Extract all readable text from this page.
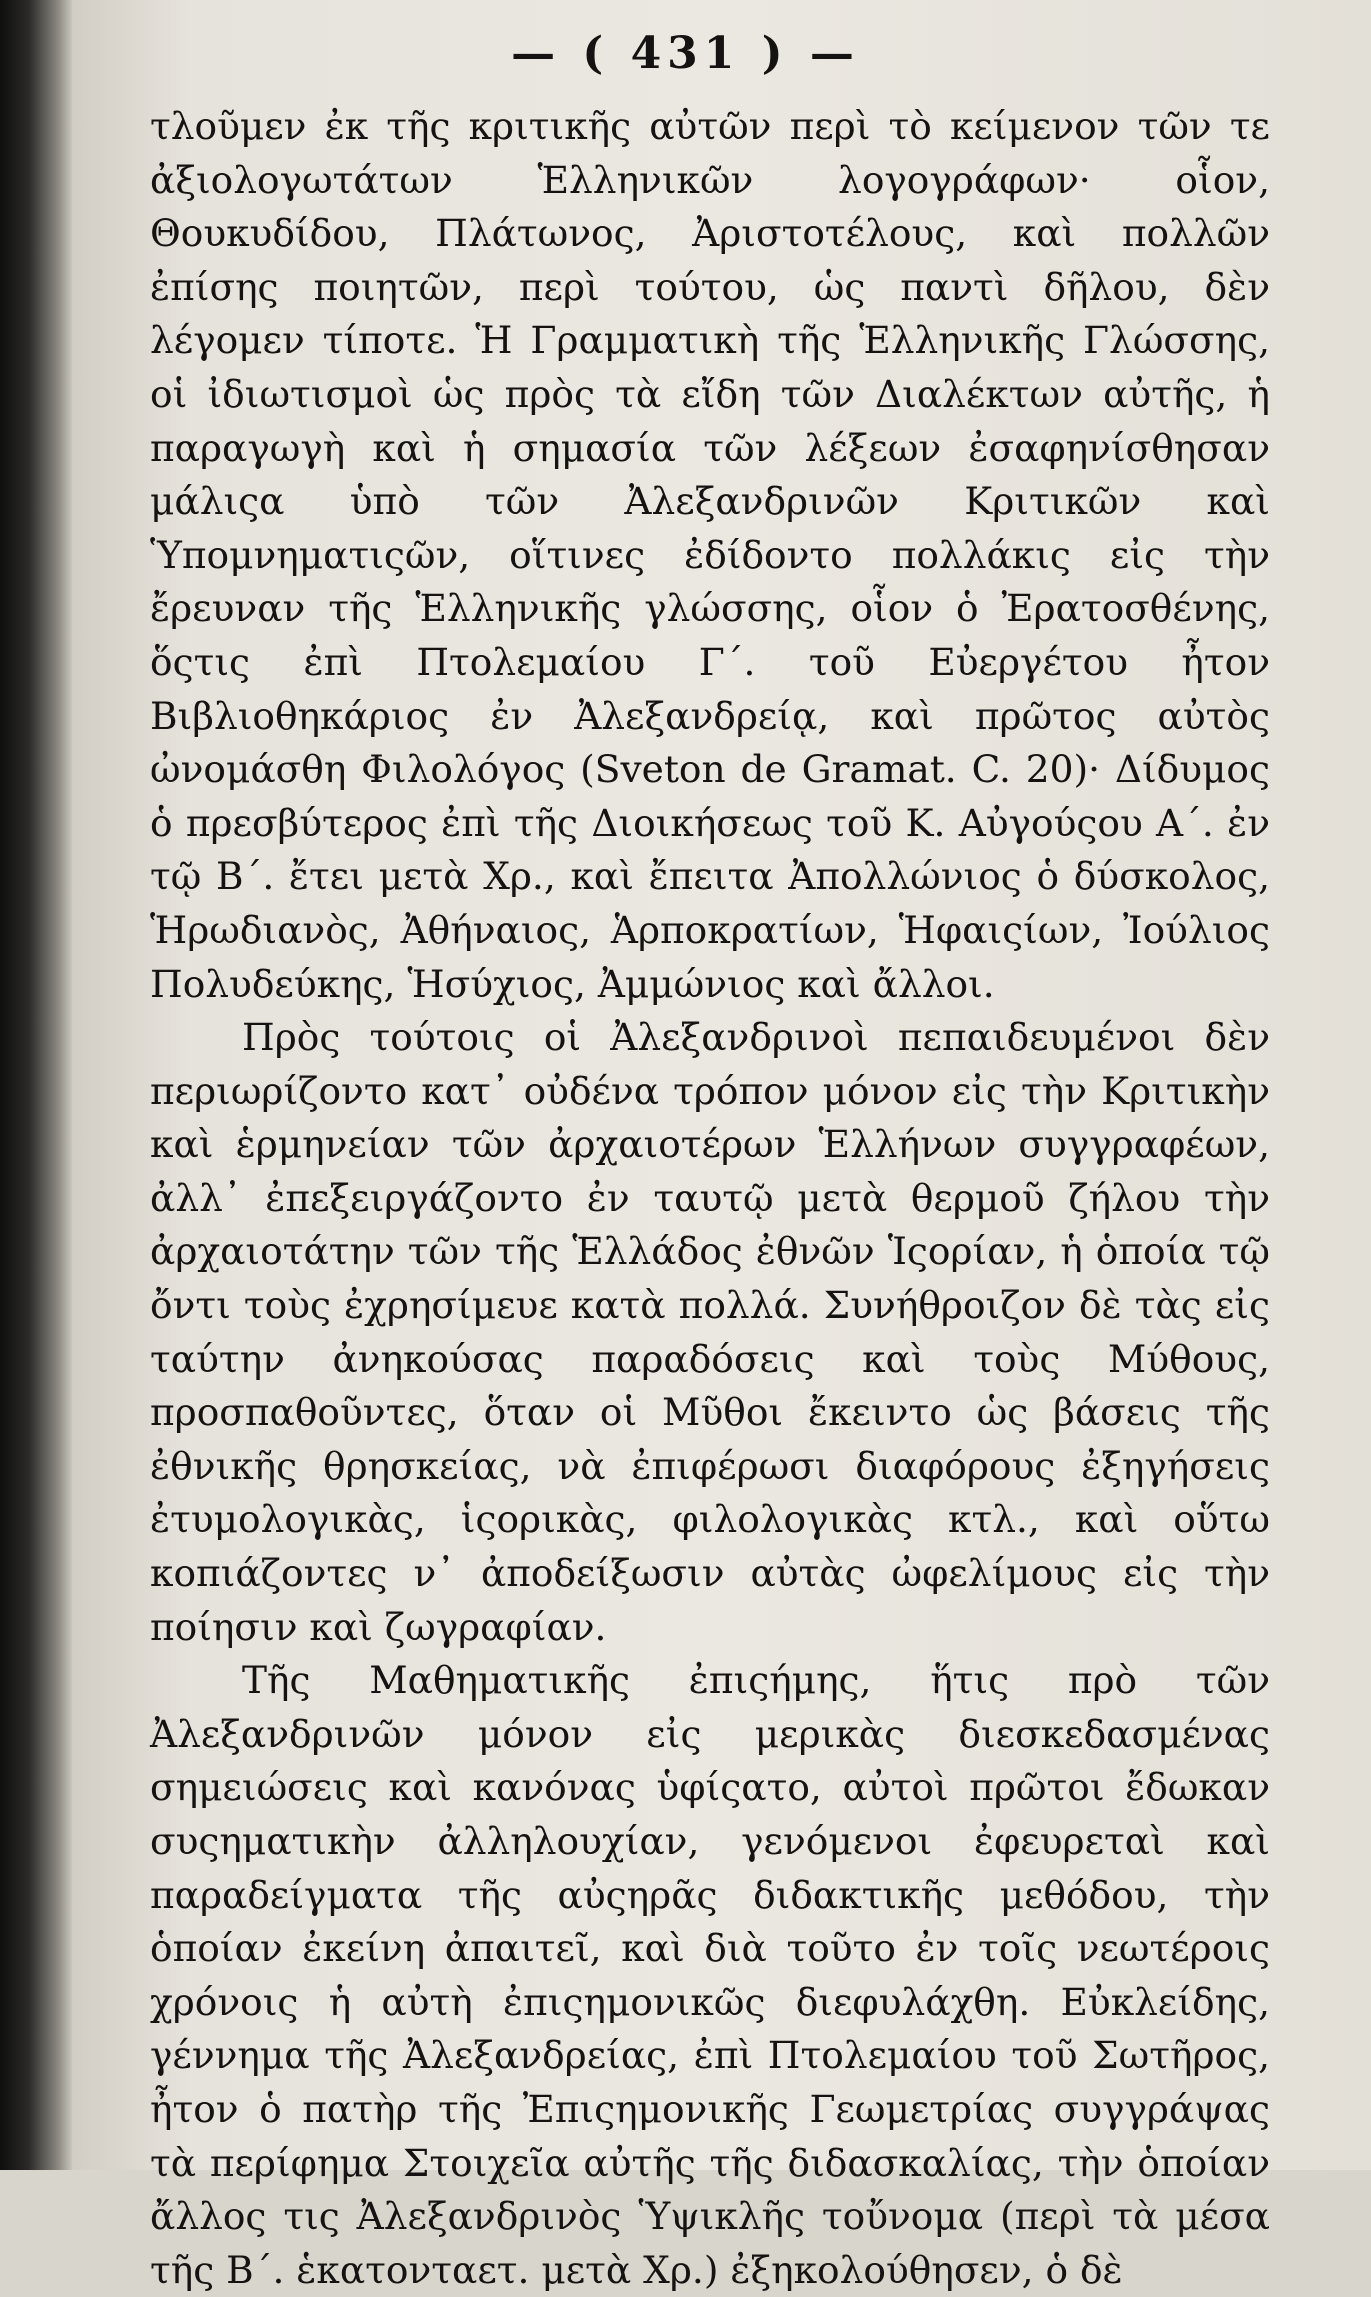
— ( 431 ) —

τλοῦμεν ἐκ τῆς κριτικῆς αὐτῶν περὶ τὸ κείμενον τῶν τε ἀξιολογωτάτων Ἑλληνικῶν λογογράφων· οἷον, Θουκυδίδου, Πλάτωνος, Ἀριστοτέλους, καὶ πολλῶν ἐπίσης ποιητῶν, περὶ τούτου, ὡς παντὶ δῆλου, δὲν λέγομεν τίποτε. Ἡ Γραμματικὴ τῆς Ἑλληνικῆς Γλώσσης, οἱ ἰδιωτισμοὶ ὡς πρὸς τὰ εἴδη τῶν Διαλέκτων αὐτῆς, ἡ παραγωγὴ καὶ ἡ σημασία τῶν λέξεων ἐσαφηνίσθησαν μάλιςα ὑπὸ τῶν Ἀλεξανδρινῶν Κριτικῶν καὶ Ὑπομνηματιςῶν, οἵτινες ἐδίδοντο πολλάκις εἰς τὴν ἔρευναν τῆς Ἑλληνικῆς γλώσσης, οἷον ὁ Ἐρατοσθένης, ὅςτις ἐπὶ Πτολεμαίου Γ΄. τοῦ Εὐεργέτου ἦτον Βιβλιοθηκάριος ἐν Ἀλεξανδρείᾳ, καὶ πρῶτος αὐτὸς ὠνομάσθη Φιλολόγος (Sveton de Gramat. C. 20)· Δίδυμος ὁ πρεσβύτερος ἐπὶ τῆς Διοικήσεως τοῦ Κ. Αὐγούςου Α΄. ἐν τῷ Β΄. ἔτει μετὰ Χρ., καὶ ἔπειτα Ἀπολλώνιος ὁ δύσκολος, Ἡρωδιανὸς, Ἀθήναιος, Ἁρποκρατίων, Ἡφαιςίων, Ἰούλιος Πολυδεύκης, Ἡσύχιος, Ἀμμώνιος καὶ ἄλλοι.

Πρὸς τούτοις οἱ Ἀλεξανδρινοὶ πεπαιδευμένοι δὲν περιωρίζοντο κατ᾽ οὐδένα τρόπον μόνον εἰς τὴν Κριτικὴν καὶ ἑρμηνείαν τῶν ἀρχαιοτέρων Ἑλλήνων συγγραφέων, ἀλλ᾽ ἐπεξειργάζοντο ἐν ταυτῷ μετὰ θερμοῦ ζήλου τὴν ἀρχαιοτάτην τῶν τῆς Ἑλλάδος ἐθνῶν Ἱςορίαν, ἡ ὁποία τῷ ὄντι τοὺς ἐχρησίμευε κατὰ πολλά. Συνήθροιζον δὲ τὰς εἰς ταύτην ἀνηκούσας παραδόσεις καὶ τοὺς Μύθους, προσπαθοῦντες, ὅταν οἱ Μῦθοι ἔκειντο ὡς βάσεις τῆς ἐθνικῆς θρησκείας, νὰ ἐπιφέρωσι διαφόρους ἐξηγήσεις ἐτυμολογικὰς, ἱςορικὰς, φιλολογικὰς κτλ., καὶ οὕτω κοπιάζοντες ν᾽ ἀποδείξωσιν αὐτὰς ὠφελίμους εἰς τὴν ποίησιν καὶ ζωγραφίαν.

Τῆς Μαθηματικῆς ἐπιςήμης, ἥτις πρὸ τῶν Ἀλεξανδρινῶν μόνον εἰς μερικὰς διεσκεδασμένας σημειώσεις καὶ κανόνας ὑφίςατο, αὐτοὶ πρῶτοι ἔδωκαν συςηματικὴν ἀλληλουχίαν, γενόμενοι ἐφευρεταὶ καὶ παραδείγματα τῆς αὐςηρᾶς διδακτικῆς μεθόδου, τὴν ὁποίαν ἐκείνη ἀπαιτεῖ, καὶ διὰ τοῦτο ἐν τοῖς νεωτέροις χρόνοις ἡ αὐτὴ ἐπιςημονικῶς διεφυλάχθη. Εὐκλείδης, γέννημα τῆς Ἀλεξανδρείας, ἐπὶ Πτολεμαίου τοῦ Σωτῆρος, ἦτον ὁ πατὴρ τῆς Ἐπιςημονικῆς Γεωμετρίας συγγράψας τὰ περίφημα Στοιχεῖα αὐτῆς τῆς διδασκαλίας, τὴν ὁποίαν ἄλλος τις Ἀλεξανδρινὸς Ὑψικλῆς τοὔνομα (περὶ τὰ μέσα τῆς Β΄. ἑκατονταετ. μετὰ Χρ.) ἐξηκολούθησεν, ὁ δὲ
